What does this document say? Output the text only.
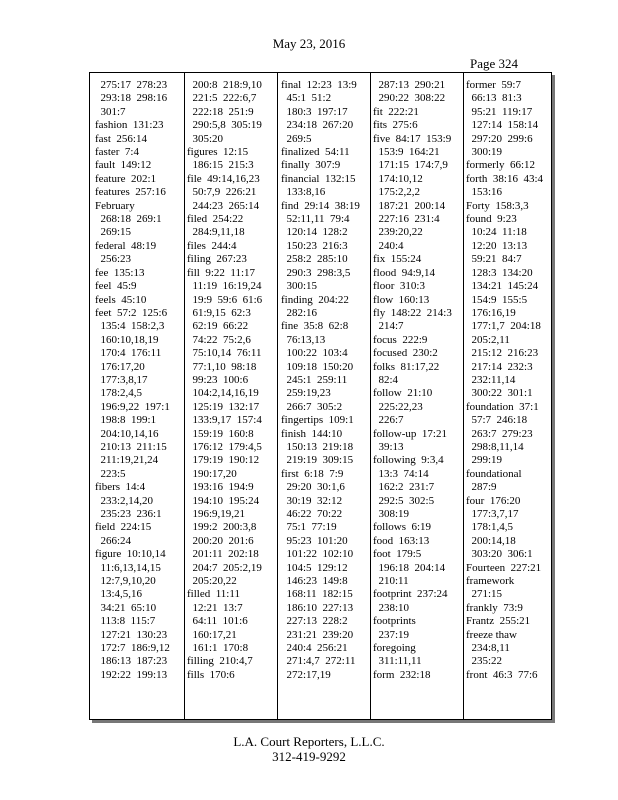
May 23, 2016
Page 324
275:17  278:23
293:18  298:16
301:7
fashion  131:23
fast  256:14
faster  7:4
fault  149:12
feature  202:1
features  257:16
February
268:18  269:1
269:15
federal  48:19
256:23
fee  135:13
feel  45:9
feels  45:10
feet  57:2  125:6
135:4  158:2,3
160:10,18,19
170:4  176:11
176:17,20
177:3,8,17
178:2,4,5
196:9,22  197:1
198:8  199:1
204:10,14,16
210:13  211:15
211:19,21,24
223:5
fibers  14:4
233:2,14,20
235:23  236:1
field  224:15
266:24
figure  10:10,14
11:6,13,14,15
12:7,9,10,20
13:4,5,16
34:21  65:10
113:8  115:7
127:21  130:23
172:7  186:9,12
186:13  187:23
192:22  199:13
200:8  218:9,10
221:5  222:6,7
222:18  251:9
290:5,8  305:19
305:20
figures  12:15
186:15  215:3
file  49:14,16,23
50:7,9  226:21
244:23  265:14
filed  254:22
284:9,11,18
files  244:4
filing  267:23
fill  9:22  11:17
11:19  16:19,24
19:9  59:6  61:6
61:9,15  62:3
62:19  66:22
74:22  75:2,6
75:10,14  76:11
77:1,10  98:18
99:23  100:6
104:2,14,16,19
125:19  132:17
133:9,17  157:4
159:19  160:8
176:12  179:4,5
179:19  190:12
190:17,20
193:16  194:9
194:10  195:24
196:9,19,21
199:2  200:3,8
200:20  201:6
201:11  202:18
204:7  205:2,19
205:20,22
filled  11:11
12:21  13:7
64:11  101:6
160:17,21
161:1  170:8
filling  210:4,7
fills  170:6
final  12:23  13:9
45:1  51:2
180:3  197:17
234:18  267:20
269:5
finalized  54:11
finally  307:9
financial  132:15
133:8,16
find  29:14  38:19
52:11,11  79:4
120:14  128:2
150:23  216:3
258:2  285:10
290:3  298:3,5
300:15
finding  204:22
282:16
fine  35:8  62:8
76:13,13
100:22  103:4
109:18  150:20
245:1  259:11
259:19,23
266:7  305:2
fingertips  109:1
finish  144:10
150:13  219:18
219:19  309:15
first  6:18  7:9
29:20  30:1,6
30:19  32:12
46:22  70:22
75:1  77:19
95:23  101:20
101:22  102:10
104:5  129:12
146:23  149:8
168:11  182:15
186:10  227:13
227:13  228:2
231:21  239:20
240:4  256:21
271:4,7  272:11
272:17,19
287:13  290:21
290:22  308:22
fit  222:21
fits  275:6
five  84:17  153:9
153:9  164:21
171:15  174:7,9
174:10,12
175:2,2,2
187:21  200:14
227:16  231:4
239:20,22
240:4
fix  155:24
flood  94:9,14
floor  310:3
flow  160:13
fly  148:22  214:3
214:7
focus  222:9
focused  230:2
folks  81:17,22
82:4
follow  21:10
225:22,23
226:7
follow-up  17:21
39:13
following  9:3,4
13:3  74:14
162:2  231:7
292:5  302:5
308:19
follows  6:19
food  163:13
foot  179:5
196:18  204:14
210:11
footprint  237:24
238:10
footprints
237:19
foregoing
311:11,11
form  232:18
former  59:7
66:13  81:3
95:21  119:17
127:14  158:14
297:20  299:6
300:19
formerly  66:12
forth  38:16  43:4
153:16
Forty  158:3,3
found  9:23
10:24  11:18
12:20  13:13
59:21  84:7
128:3  134:20
134:21  145:24
154:9  155:5
176:16,19
177:1,7  204:18
205:2,11
215:12  216:23
217:14  232:3
232:11,14
300:22  301:1
foundation  37:1
57:7  246:18
263:7  279:23
298:8,11,14
299:19
foundational
287:9
four  176:20
177:3,7,17
178:1,4,5
200:14,18
303:20  306:1
Fourteen  227:21
framework
271:15
frankly  73:9
Frantz  255:21
freeze thaw
234:8,11
235:22
front  46:3  77:6
L.A. Court Reporters, L.L.C.
312-419-9292
